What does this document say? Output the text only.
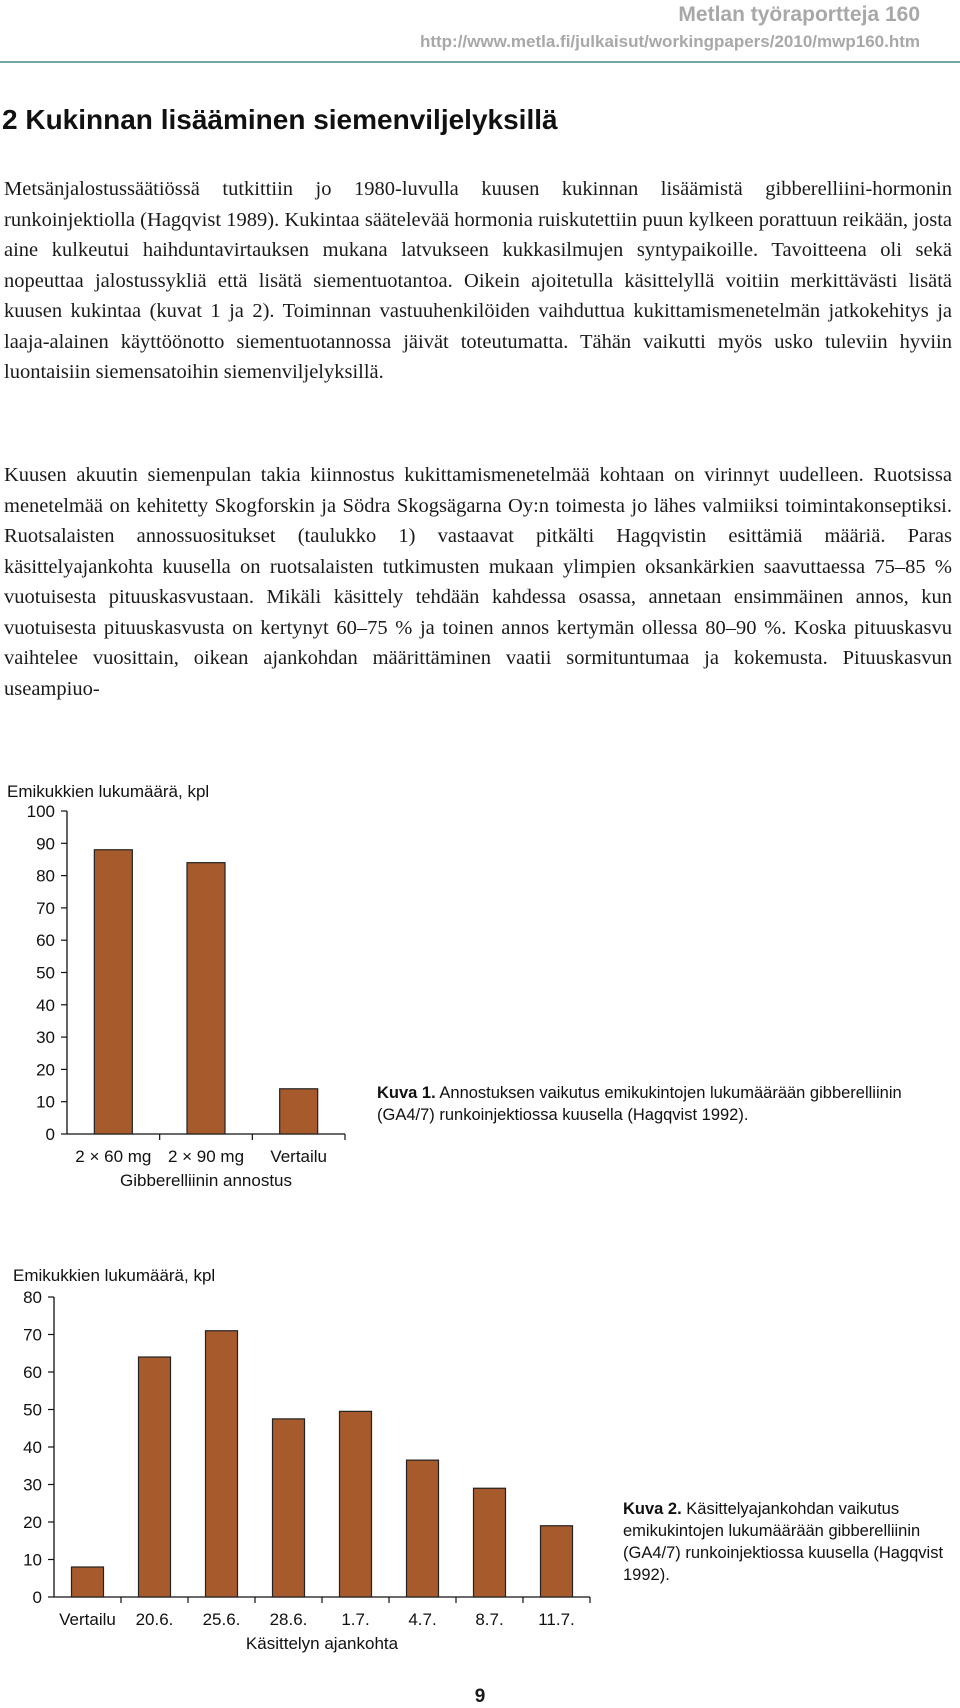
Metlan työraportteja 160
http://www.metla.fi/julkaisut/workingpapers/2010/mwp160.htm
2 Kukinnan lisääminen siemenviljelyksillä

Metsänjalostussäätiössä tutkittiin jo 1980-luvulla kuusen kukinnan lisäämistä gibberelliini-hormonin runkoinjektiolla (Hagqvist 1989). Kukintaa säätelevää hormonia ruiskutettiin puun kylkeen porattuun reikään, josta aine kulkeutui haihduntavirtauksen mukana latvukseen kukkasilmujen syntypaikoille. Tavoitteena oli sekä nopeuttaa jalostussykliä että lisätä siementuotantoa. Oikein ajoitetulla käsittelyllä voitiin merkittävästi lisätä kuusen kukintaa (kuvat 1 ja 2). Toiminnan vastuuhenkilöiden vaihduttua kukittamismenetelmän jatkokehitys ja laaja-alainen käyttöönotto siementuotannossa jäivät toteutumatta. Tähän vaikutti myös usko tuleviin hyviin luontaisiin siemensatoihin siemenviljelyksillä.

Kuusen akuutin siemenpulan takia kiinnostus kukittamismenetelmää kohtaan on virinnyt uudelleen. Ruotsissa menetelmää on kehitetty Skogforskin ja Södra Skogsägarna Oy:n toimesta jo lähes valmiiksi toimintakonseptiksi. Ruotsalaisten annossuositukset (taulukko 1) vastaavat pitkälti Hagqvistin esittämiä määriä. Paras käsittelyajankohta kuusella on ruotsalaisten tutkimusten mukaan ylimpien oksankärkien saavuttaessa 75–85 % vuotuisesta pituuskasvustaan. Mikäli käsittely tehdään kahdessa osassa, annetaan ensimmäinen annos, kun vuotuisesta pituuskasvusta on kertynyt 60–75 % ja toinen annos kertymän ollessa 80–90 %. Koska pituuskasvu vaihtelee vuosittain, oikean ajankohdan määrittäminen vaatii sormituntumaa ja kokemusta. Pituuskasvun useampiuo-

Emikukkien lukumäärä, kpl
0
10
20
30
40
50
60
70
80
90
100
2 × 60 mg 2 × 90 mg Vertailu
Gibberelliinin annostus
Emikukkien lukumäärä, kpl
0
10
20
30
40
50
60
70
80
Vertailu 20.6. 25.6. 28.6. 1.7. 4.7. 8.7. 11.7.
Käsittelyn ajankohta
Kuva 1. Annostuksen vaikutus emikukintojen lukumäärään gibberelliinin (GA4/7) runkoinjektiossa kuusella (Hagqvist 1992).
Kuva 2. Käsittelyajankohdan vaikutus emikukintojen lukumäärään gibberelliinin (GA4/7) runkoinjektiossa kuusella (Hagqvist 1992).
9
